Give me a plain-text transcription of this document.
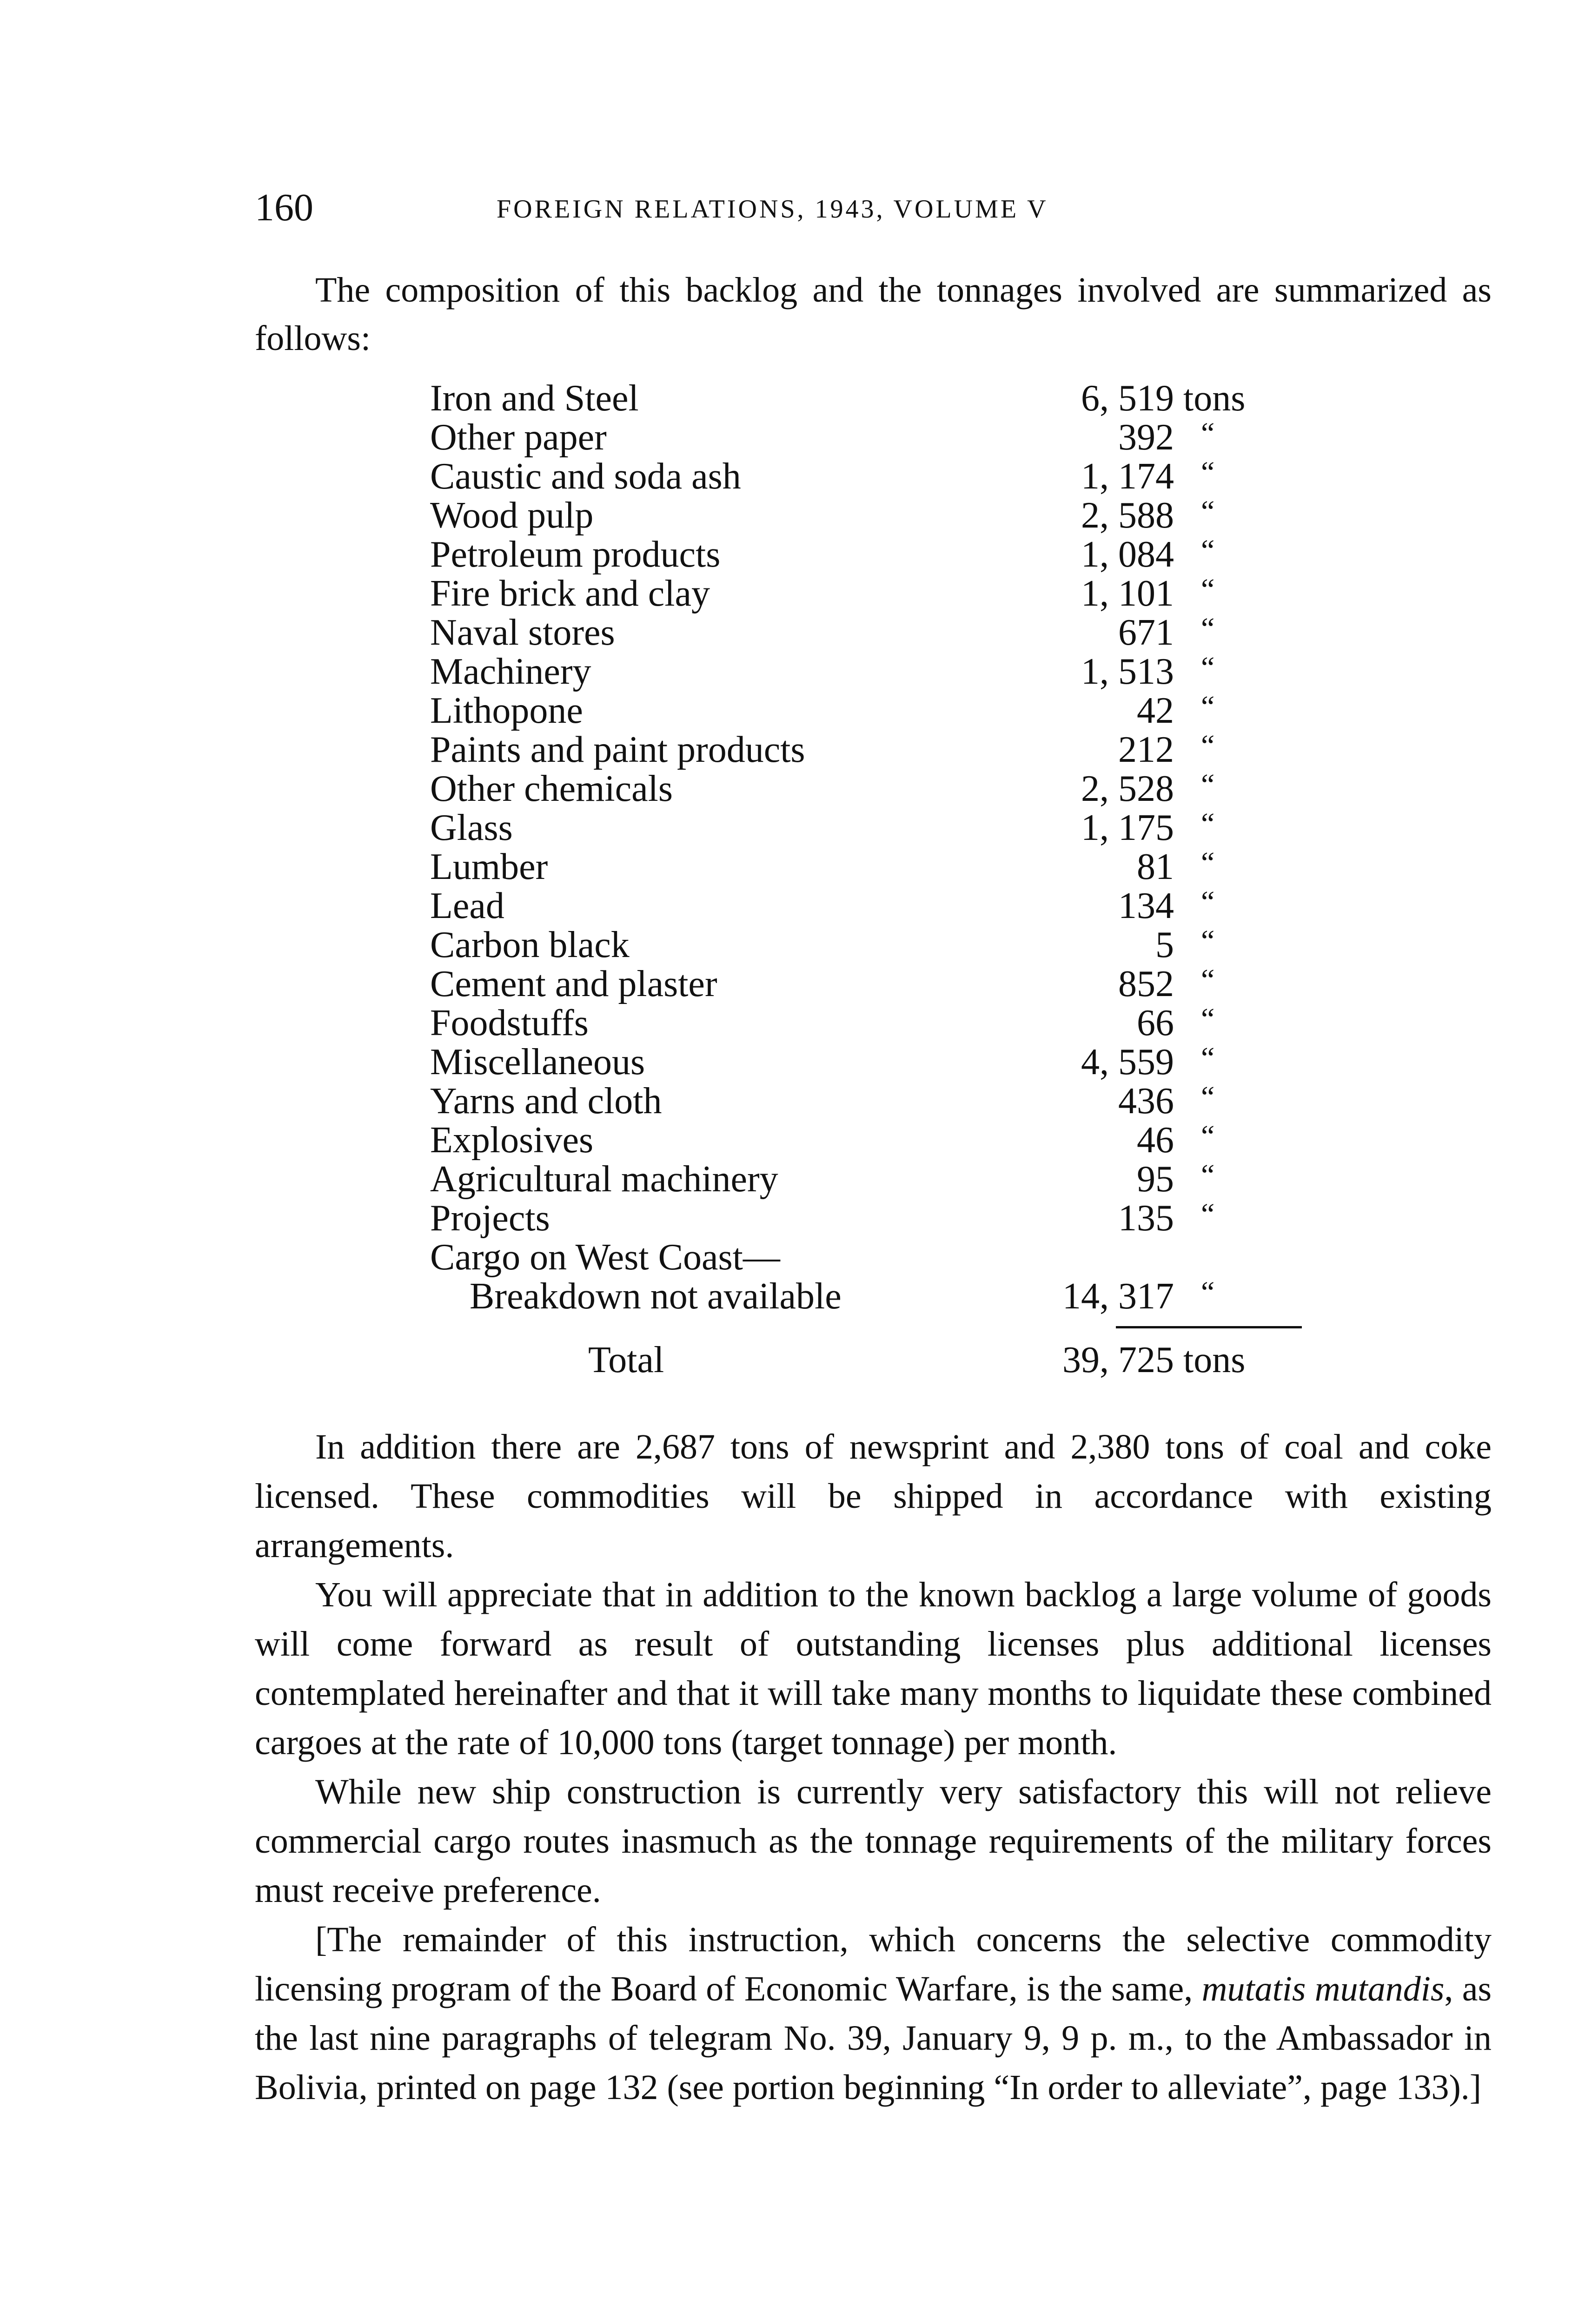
160	FOREIGN RELATIONS, 1943, VOLUME V

The composition of this backlog and the tonnages involved are summarized as follows:

Iron and Steel	6, 519 tons
Other paper	392 “
Caustic and soda ash	1, 174 “
Wood pulp	2, 588 “
Petroleum products	1, 084 “
Fire brick and clay	1, 101 “
Naval stores	671 “
Machinery	1, 513 “
Lithopone	42 “
Paints and paint products	212 “
Other chemicals	2, 528 “
Glass	1, 175 “
Lumber	81 “
Lead	134 “
Carbon black	5 “
Cement and plaster	852 “
Foodstuffs	66 “
Miscellaneous	4, 559 “
Yarns and cloth	436 “
Explosives	46 “
Agricultural machinery	95 “
Projects	135 “
Cargo on West Coast—
Breakdown not available	14, 317 “
Total	39, 725 tons

In addition there are 2,687 tons of newsprint and 2,380 tons of coal and coke licensed. These commodities will be shipped in accordance with existing arrangements.

You will appreciate that in addition to the known backlog a large volume of goods will come forward as result of outstanding licenses plus additional licenses contemplated hereinafter and that it will take many months to liquidate these combined cargoes at the rate of 10,000 tons (target tonnage) per month.

While new ship construction is currently very satisfactory this will not relieve commercial cargo routes inasmuch as the tonnage requirements of the military forces must receive preference.

[The remainder of this instruction, which concerns the selective commodity licensing program of the Board of Economic Warfare, is the same, mutatis mutandis, as the last nine paragraphs of telegram No. 39, January 9, 9 p. m., to the Ambassador in Bolivia, printed on page 132 (see portion beginning “In order to alleviate”, page 133).]
